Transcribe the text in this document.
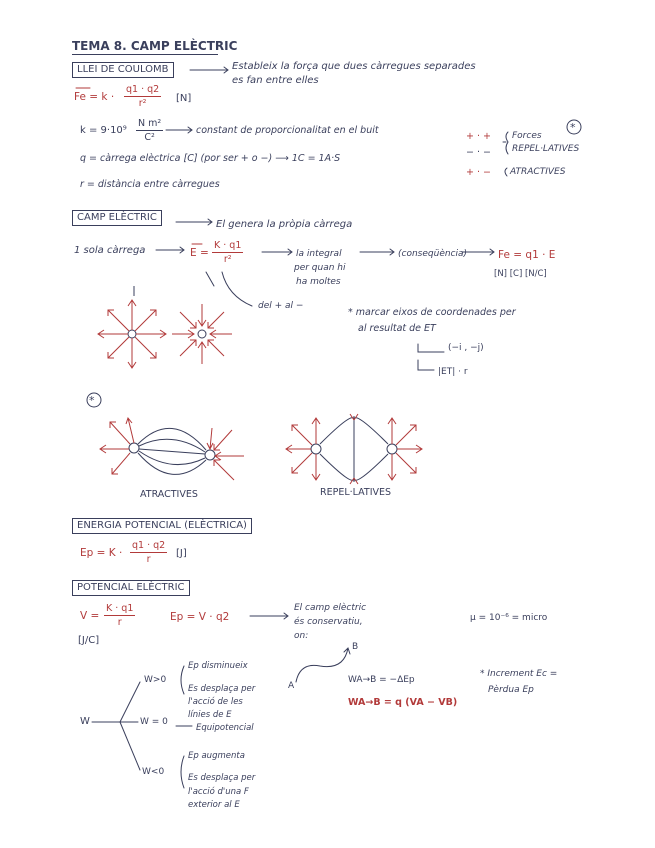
TEMA 8. CAMP ELÈCTRIC
LLEI DE COULOMB	Estableix la força que dues càrregues separades
es fan entre elles
$Fe = k \cdot \frac{q1 \cdot q2}{\text{r²}} [N]$
$k = 9\cdot 10^9 \frac{\text{N m²}}{\text{C²}}$	constant de proporcionalitat en el buit
q = càrrega elèctrica [C] (por ser + o −) ⟶ 1C = 1A·S
r = distància entre càrregues
+ · +
− · −
+ · −
Forces
REPEL·LATIVES
ATRACTIVES
*
CAMP ELÈCTRIC
El genera la pròpia càrrega
1 sola càrrega	$E = \frac{K \cdot q1}{\text{r²}}$	la integral
per quan hi
ha moltes
(conseqüència)	Fe = q1 · E
[N] [C] [N/C]
del + al −
* marcar eixos de coordenades per
al resultat de ET
(−i , −j)
|ET| · r
*
ATRACTIVES	REPEL·LATIVES
ENERGIA POTENCIAL (ELÈCTRICA)
$Ep = K \cdot \frac{q1 \cdot q2}{r} [J]$
POTENCIAL ELÈCTRIC
$V = \frac{K \cdot q1}{r}$
[J/C]
Ep = V · q2
El camp elèctric
és conservatiu,
on:
μ = 10⁻⁶ = micro
B
A
WA→B = −ΔEp
WA→B = q (VA − VB)
* Increment Ec =
Pèrdua Ep
W
W>0
Ep disminueix
Es desplaça per
l'acció de les
línies de E
W = 0
Equipotencial
W<0
Ep augmenta
Es desplaça per
l'acció d'una F
exterior al E
